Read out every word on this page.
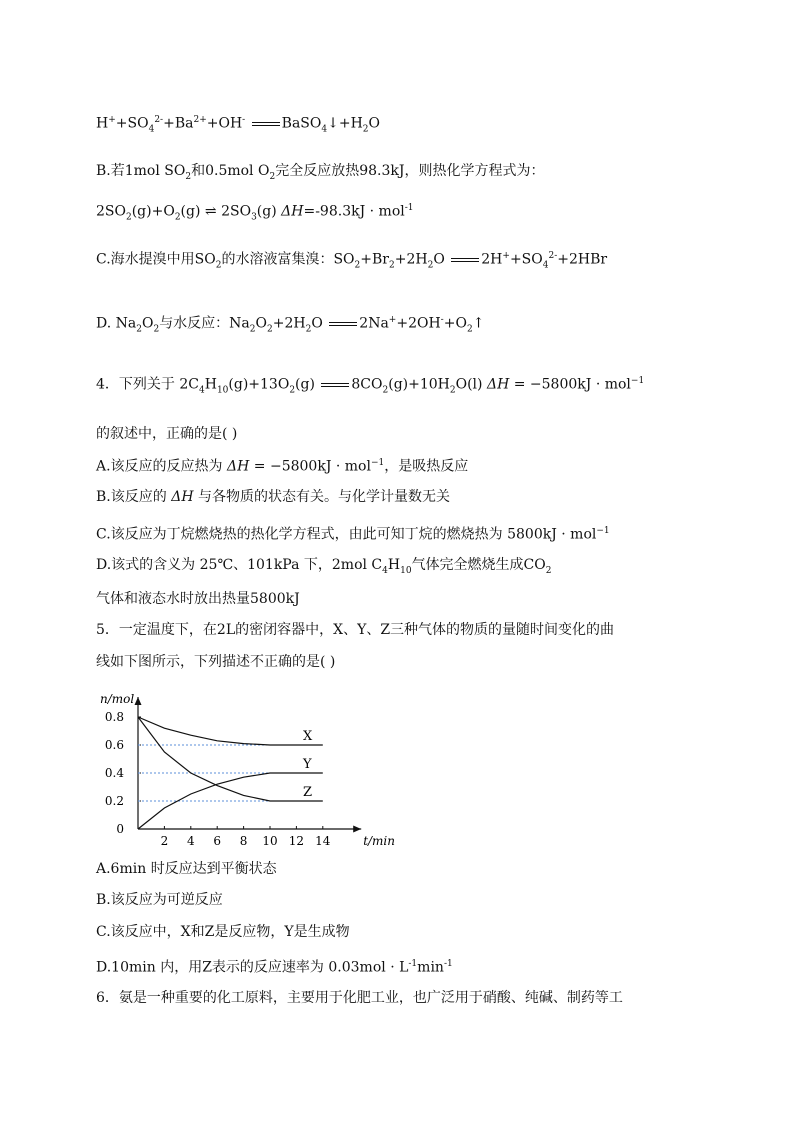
$H^++SO_4^{2-}+Ba^{2+}+OH^-$	$BaSO_4↓+H_2O$
B.若1mol $SO_2$和0.5mol $O_2$完全反应放热98.3kJ，则热化学方程式为：
$2SO_2(g)+O_2(g)$ ⇌ $2SO_3(g) \Delta H=-98.3kJ \cdot mol^{-1}$
C.海水提溴中用$SO_2$的水溶液富集溴：$SO_2+Br_2+2H_2O$	$2H^++SO_4^{2-}+2HBr$
D. $Na_2O_2$与水反应：$Na_2O_2+2H_2O$	$2Na^++2OH^-+O_2↑$
4．下列关于 $2C_4H_{10}(g)+13O_2(g)$	$8CO_2(g)+10H_2O(l) \Delta H = -5800kJ \cdot mol^{-1}$
的叙述中，正确的是( )
A.该反应的反应热为 ΔH = −5800kJ · mol$^{-1}$，是吸热反应
B.该反应的 ΔH 与各物质的状态有关。与化学计量数无关
C.该反应为丁烷燃烧热的热化学方程式，由此可知丁烷的燃烧热为 5800kJ · mol$^{-1}$
D.该式的含义为 25℃、101kPa 下，2mol $C_4H_{10}$气体完全燃烧生成$CO_2$
气体和液态水时放出热量5800kJ
5．一定温度下，在2L的密闭容器中，X、Y、Z三种气体的物质的量随时间变化的曲
线如下图所示，下列描述不正确的是( )
n/mol
t/min
0.8
0.6
0.4
0.2
0
2 4 6 8 10 12 14
X
Y
Z
A.6min 时反应达到平衡状态
B.该反应为可逆反应
C.该反应中，X和Z是反应物，Y是生成物
D.10min 内，用Z表示的反应速率为 $0.03mol \cdot L^{-1}\min^{-1}$
6．氨是一种重要的化工原料，主要用于化肥工业，也广泛用于硝酸、纯碱、制药等工
